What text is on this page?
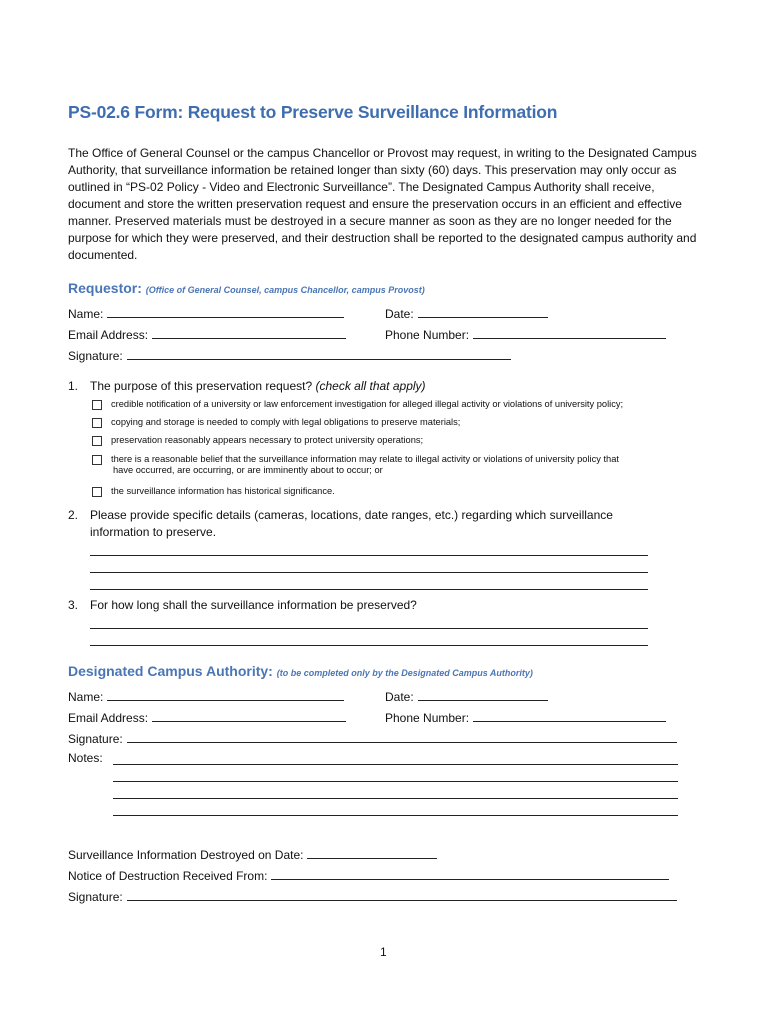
PS-02.6 Form: Request to Preserve Surveillance Information

The Office of General Counsel or the campus Chancellor or Provost may request, in writing to the Designated Campus Authority, that surveillance information be retained longer than sixty (60) days. This preservation may only occur as outlined in “PS-02 Policy - Video and Electronic Surveillance”. The Designated Campus Authority shall receive, document and store the written preservation request and ensure the preservation occurs in an efficient and effective manner. Preserved materials must be destroyed in a secure manner as soon as they are no longer needed for the purpose for which they were preserved, and their destruction shall be reported to the designated campus authority and documented.

Requestor: (Office of General Counsel, campus Chancellor, campus Provost)
Name:	Date:
Email Address:	Phone Number:
Signature:
1. The purpose of this preservation request? (check all that apply)
credible notification of a university or law enforcement investigation for alleged illegal activity or violations of university policy;
copying and storage is needed to comply with legal obligations to preserve materials;
preservation reasonably appears necessary to protect university operations;
there is a reasonable belief that the surveillance information may relate to illegal activity or violations of university policy that
have occurred, are occurring, or are imminently about to occur; or
the surveillance information has historical significance.
2. Please provide specific details (cameras, locations, date ranges, etc.) regarding which surveillance information to preserve.
3. For how long shall the surveillance information be preserved?
Designated Campus Authority: (to be completed only by the Designated Campus Authority)
Name:	Date:
Email Address:	Phone Number:
Signature:
Notes:
Surveillance Information Destroyed on Date:
Notice of Destruction Received From:
Signature:
1
